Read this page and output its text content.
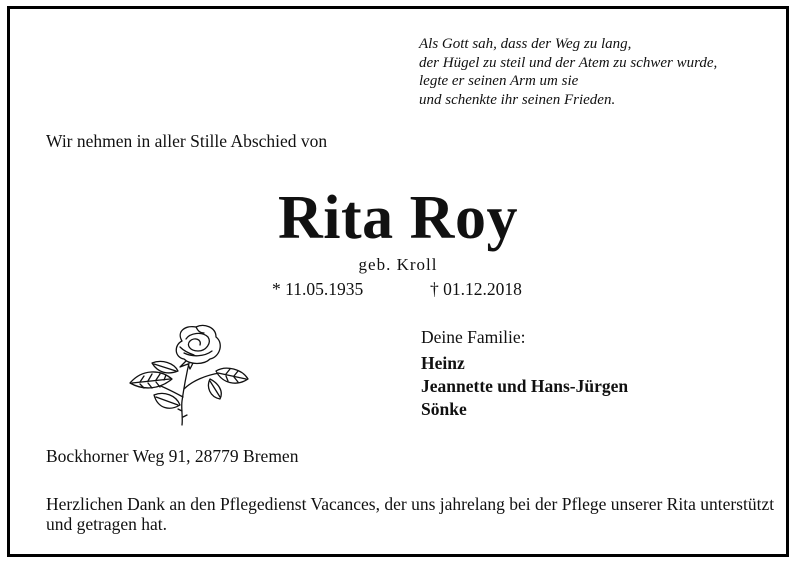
Als Gott sah, dass der Weg zu lang,
der Hügel zu steil und der Atem zu schwer wurde,
legte er seinen Arm um sie
und schenkte ihr seinen Frieden.
Wir nehmen in aller Stille Abschied von
Rita Roy
geb. Kroll
* 11.05.1935	† 01.12.2018
Deine Familie:
Heinz
Jeannette und Hans-Jürgen
Sönke
Bockhorner Weg 91, 28779 Bremen
Herzlichen Dank an den Pflegedienst Vacances, der uns jahrelang bei der Pflege unserer Rita unterstützt und getragen hat.
